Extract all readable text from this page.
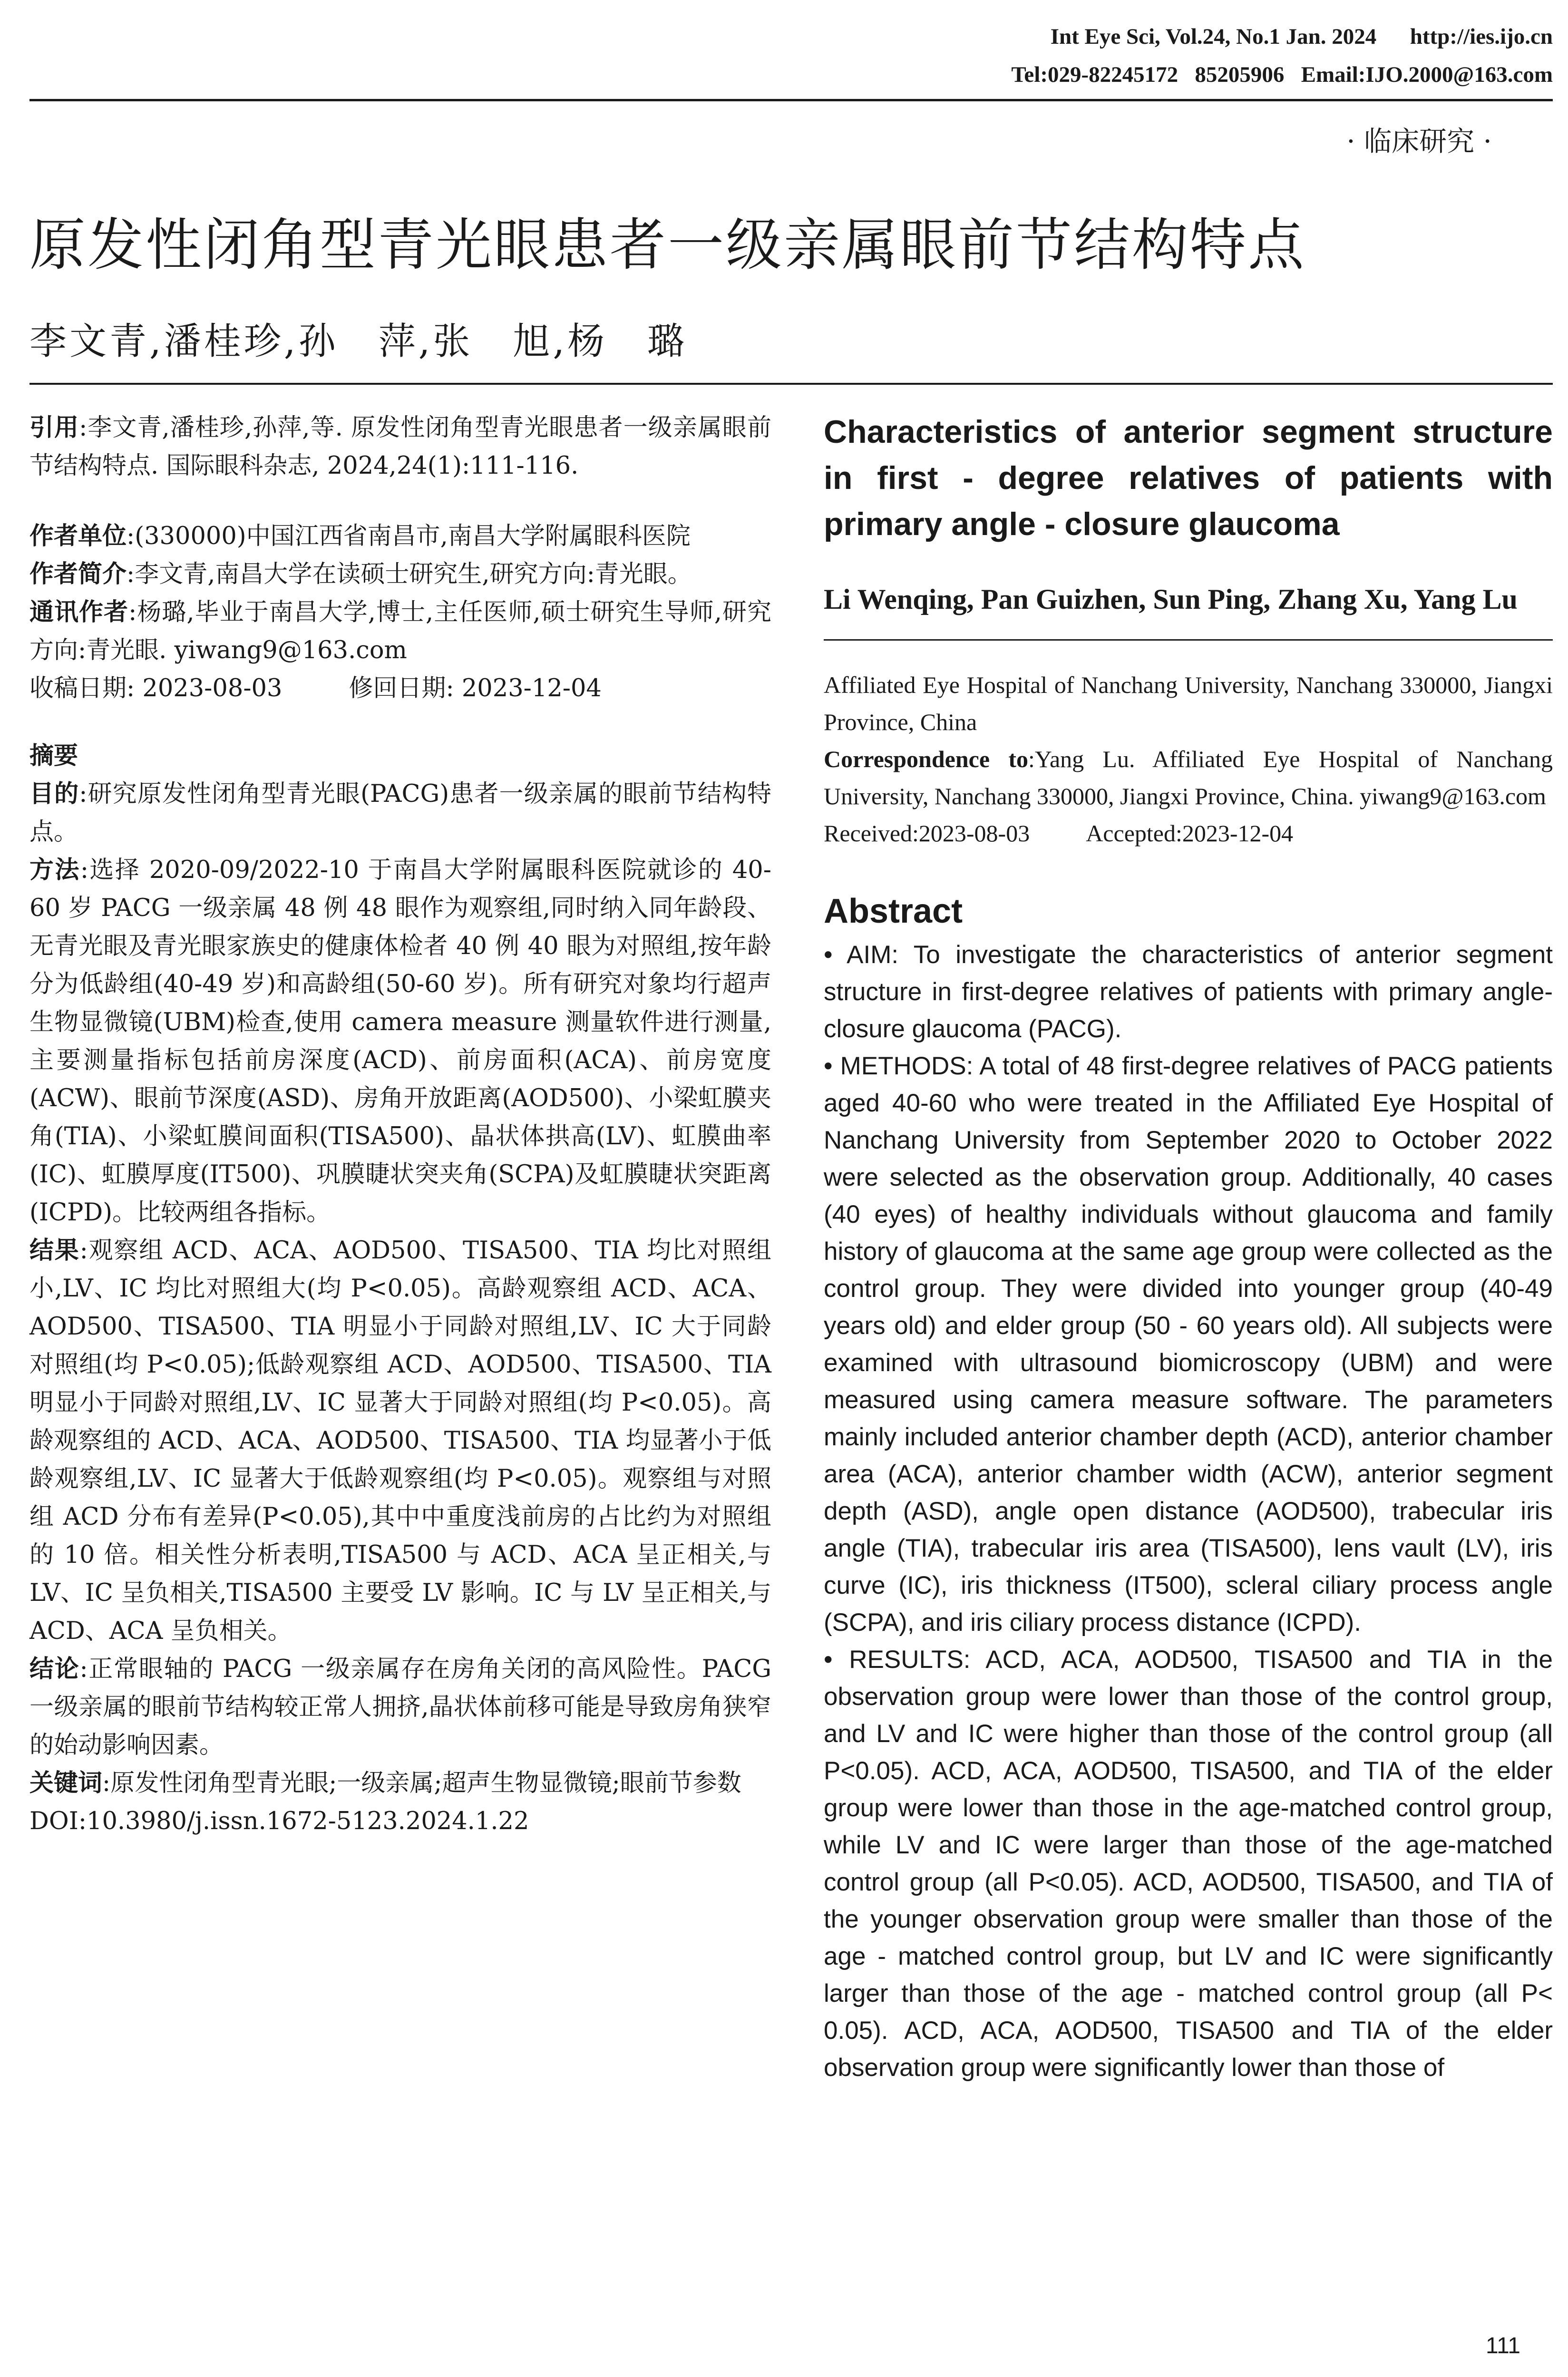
Int Eye Sci, Vol.24, No.1 Jan. 2024      http://ies.ijo.cn
Tel:029-82245172   85205906   Email:IJO.2000@163.com
· 临床研究 ·
原发性闭角型青光眼患者一级亲属眼前节结构特点
李文青,潘桂珍,孙　萍,张　旭,杨　璐

引用:李文青,潘桂珍,孙萍,等. 原发性闭角型青光眼患者一级亲属眼前节结构特点. 国际眼科杂志, 2024,24(1):111-116.

作者单位:(330000)中国江西省南昌市,南昌大学附属眼科医院

作者简介:李文青,南昌大学在读硕士研究生,研究方向:青光眼。

通讯作者:杨璐,毕业于南昌大学,博士,主任医师,硕士研究生导师,研究方向:青光眼. yiwang9@163.com

收稿日期: 2023-08-03	修回日期: 2023-12-04

摘要

目的:研究原发性闭角型青光眼(PACG)患者一级亲属的眼前节结构特点。

方法:选择 2020-09/2022-10 于南昌大学附属眼科医院就诊的 40-60 岁 PACG 一级亲属 48 例 48 眼作为观察组,同时纳入同年龄段、无青光眼及青光眼家族史的健康体检者 40 例 40 眼为对照组,按年龄分为低龄组(40-49 岁)和高龄组(50-60 岁)。所有研究对象均行超声生物显微镜(UBM)检查,使用 camera measure 测量软件进行测量,主要测量指标包括前房深度(ACD)、前房面积(ACA)、前房宽度(ACW)、眼前节深度(ASD)、房角开放距离(AOD500)、小梁虹膜夹角(TIA)、小梁虹膜间面积(TISA500)、晶状体拱高(LV)、虹膜曲率(IC)、虹膜厚度(IT500)、巩膜睫状突夹角(SCPA)及虹膜睫状突距离(ICPD)。比较两组各指标。

结果:观察组 ACD、ACA、AOD500、TISA500、TIA 均比对照组小,LV、IC 均比对照组大(均 P<0.05)。高龄观察组 ACD、ACA、AOD500、TISA500、TIA 明显小于同龄对照组,LV、IC 大于同龄对照组(均 P<0.05);低龄观察组 ACD、AOD500、TISA500、TIA 明显小于同龄对照组,LV、IC 显著大于同龄对照组(均 P<0.05)。高龄观察组的 ACD、ACA、AOD500、TISA500、TIA 均显著小于低龄观察组,LV、IC 显著大于低龄观察组(均 P<0.05)。观察组与对照组 ACD 分布有差异(P<0.05),其中中重度浅前房的占比约为对照组的 10 倍。相关性分析表明,TISA500 与 ACD、ACA 呈正相关,与 LV、IC 呈负相关,TISA500 主要受 LV 影响。IC 与 LV 呈正相关,与 ACD、ACA 呈负相关。

结论:正常眼轴的 PACG 一级亲属存在房角关闭的高风险性。PACG 一级亲属的眼前节结构较正常人拥挤,晶状体前移可能是导致房角狭窄的始动影响因素。

关键词:原发性闭角型青光眼;一级亲属;超声生物显微镜;眼前节参数

DOI:10.3980/j.issn.1672-5123.2024.1.22

Characteristics of anterior segment structure in first - degree relatives of patients with primary angle - closure glaucoma
Li Wenqing, Pan Guizhen, Sun Ping, Zhang Xu, Yang Lu
Affiliated Eye Hospital of Nanchang University, Nanchang 330000, Jiangxi Province, China
Correspondence to:Yang Lu. Affiliated Eye Hospital of Nanchang University, Nanchang 330000, Jiangxi Province, China. yiwang9@163.com
Received:2023-08-03 Accepted:2023-12-04
Abstract

• AIM: To investigate the characteristics of anterior segment structure in first-degree relatives of patients with primary angle-closure glaucoma (PACG).

• METHODS: A total of 48 first-degree relatives of PACG patients aged 40-60 who were treated in the Affiliated Eye Hospital of Nanchang University from September 2020 to October 2022 were selected as the observation group. Additionally, 40 cases (40 eyes) of healthy individuals without glaucoma and family history of glaucoma at the same age group were collected as the control group. They were divided into younger group (40-49 years old) and elder group (50 - 60 years old). All subjects were examined with ultrasound biomicroscopy (UBM) and were measured using camera measure software. The parameters mainly included anterior chamber depth (ACD), anterior chamber area (ACA), anterior chamber width (ACW), anterior segment depth (ASD), angle open distance (AOD500), trabecular iris angle (TIA), trabecular iris area (TISA500), lens vault (LV), iris curve (IC), iris thickness (IT500), scleral ciliary process angle (SCPA), and iris ciliary process distance (ICPD).

• RESULTS: ACD, ACA, AOD500, TISA500 and TIA in the observation group were lower than those of the control group, and LV and IC were higher than those of the control group (all P<0.05). ACD, ACA, AOD500, TISA500, and TIA of the elder group were lower than those in the age-matched control group, while LV and IC were larger than those of the age-matched control group (all P<0.05). ACD, AOD500, TISA500, and TIA of the younger observation group were smaller than those of the age - matched control group, but LV and IC were significantly larger than those of the age - matched control group (all P< 0.05). ACD, ACA, AOD500, TISA500 and TIA of the elder observation group were significantly lower than those of

111
